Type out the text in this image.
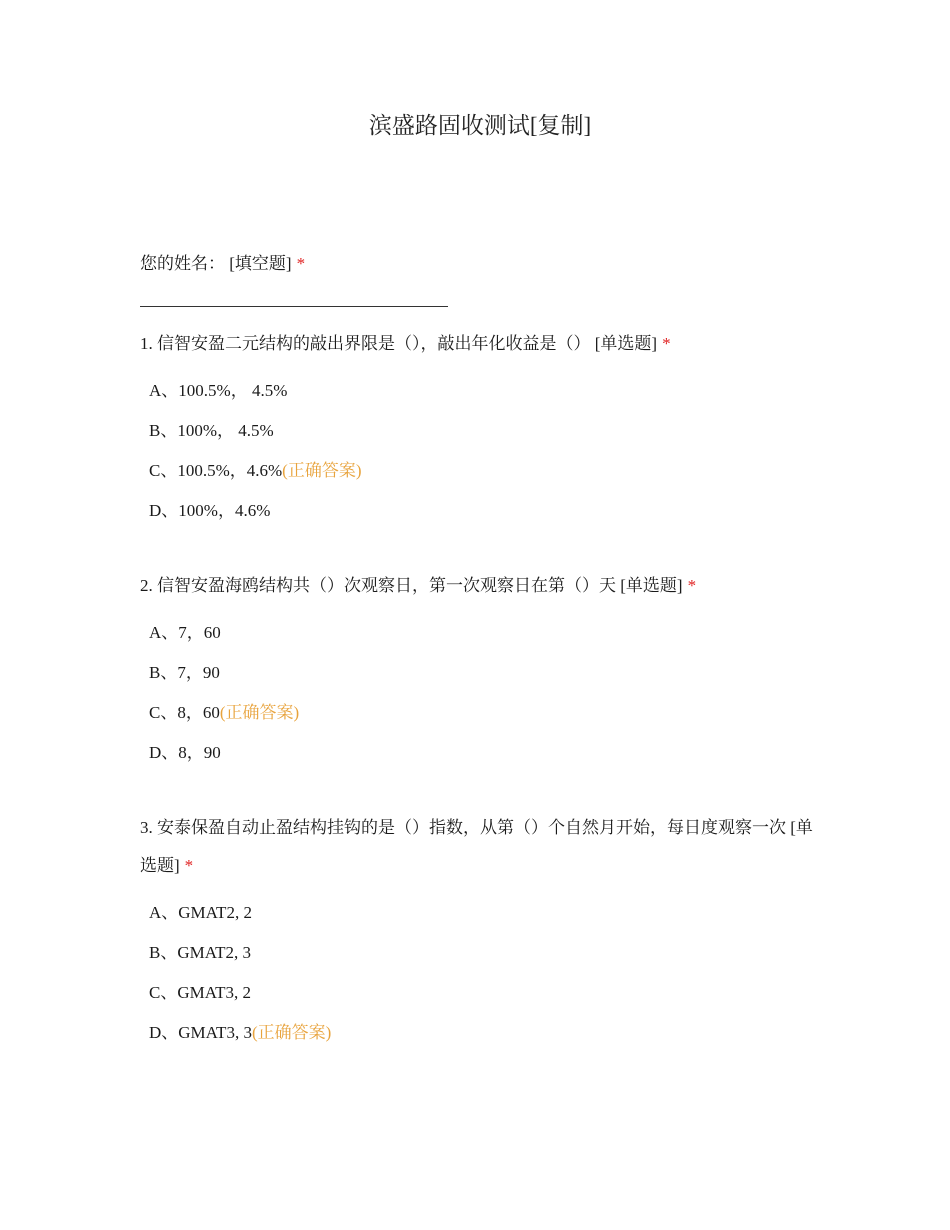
滨盛路固收测试[复制]
您的姓名： [填空题] *
1. 信智安盈二元结构的敲出界限是（），敲出年化收益是（） [单选题] *
A、100.5%， 4.5%
B、100%， 4.5%
C、100.5%，4.6%(正确答案)
D、100%，4.6%
2. 信智安盈海鸥结构共（）次观察日，第一次观察日在第（）天 [单选题] *
A、7，60
B、7，90
C、8，60(正确答案)
D、8，90
3. 安泰保盈自动止盈结构挂钩的是（）指数，从第（）个自然月开始，每日度观察一次 [单选题] *
A、GMAT2, 2
B、GMAT2, 3
C、GMAT3, 2
D、GMAT3, 3(正确答案)
